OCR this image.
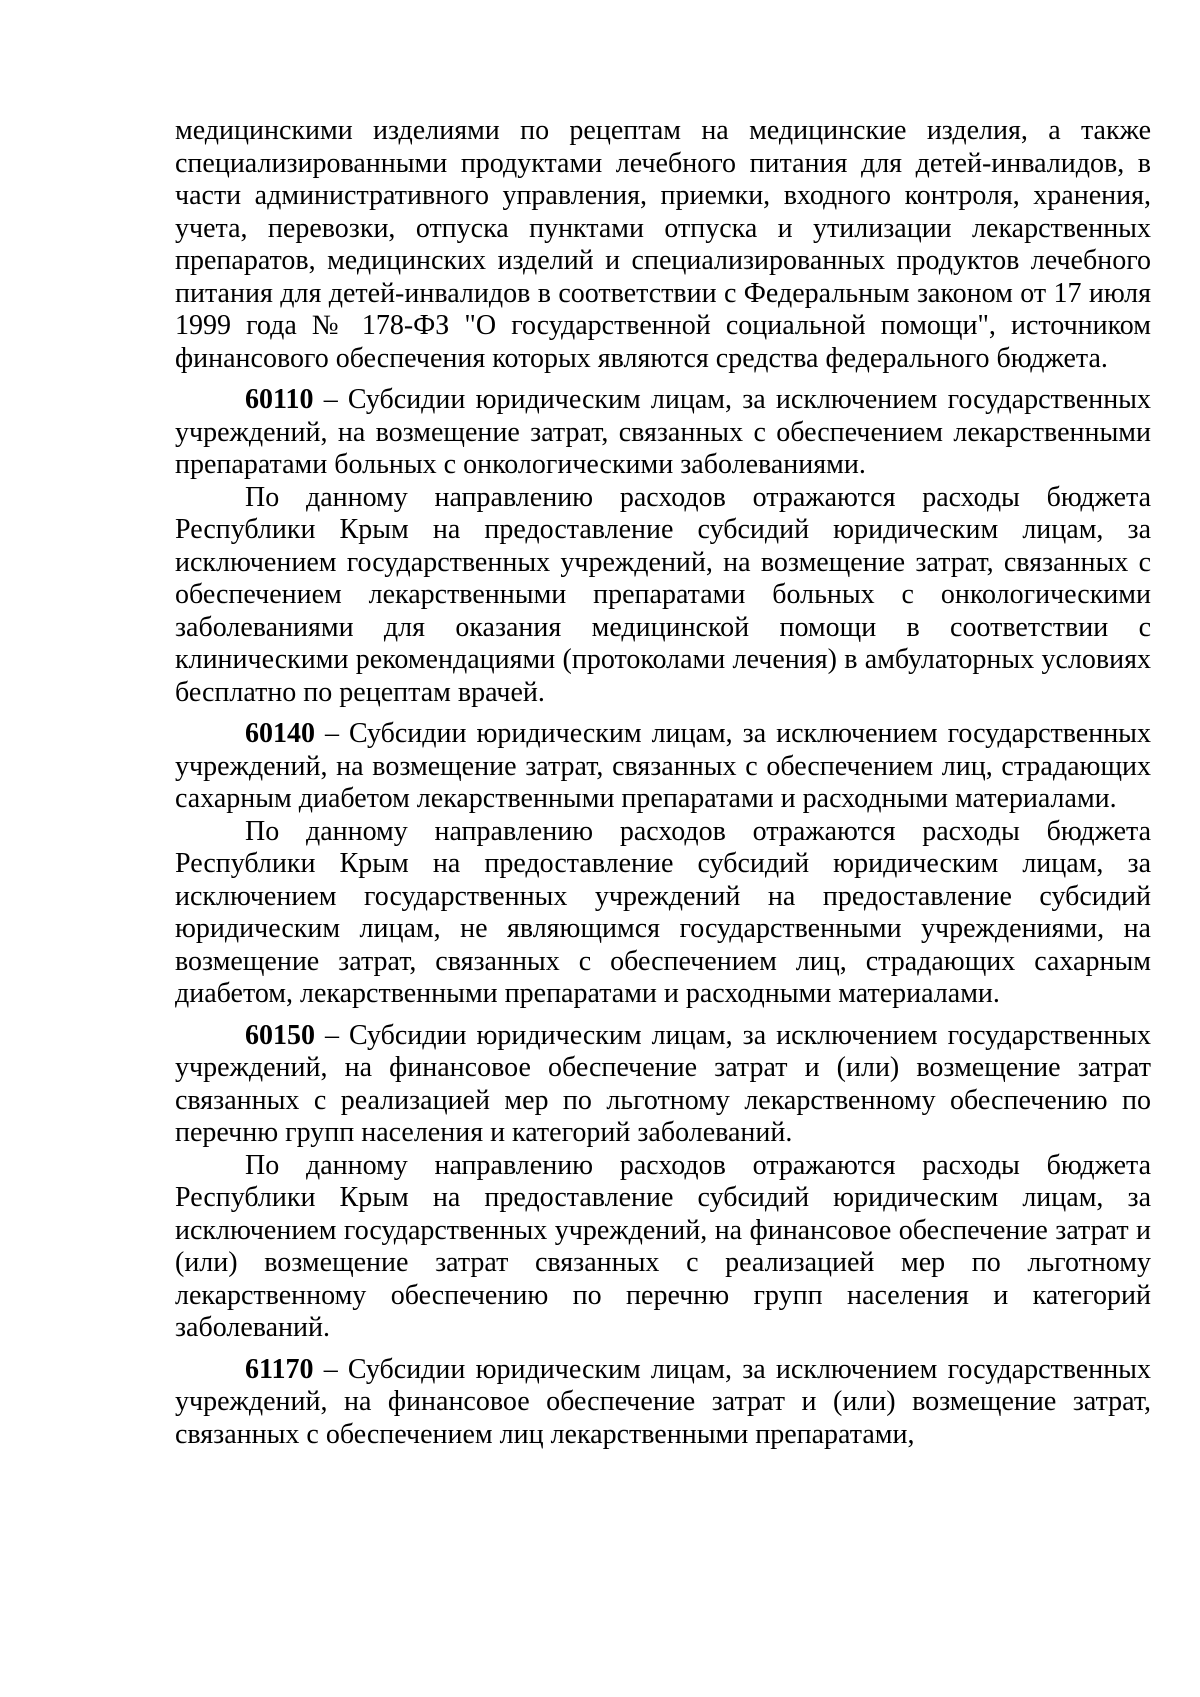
медицинскими изделиями по рецептам на медицинские изделия, а также специализированными продуктами лечебного питания для детей-инвалидов, в части административного управления, приемки, входного контроля, хранения, учета, перевозки, отпуска пунктами отпуска и утилизации лекарственных препаратов, медицинских изделий и специализированных продуктов лечебного питания для детей-инвалидов в соответствии с Федеральным законом от 17 июля 1999 года № 178-ФЗ "О государственной социальной помощи", источником финансового обеспечения которых являются средства федерального бюджета.

60110 – Субсидии юридическим лицам, за исключением государственных учреждений, на возмещение затрат, связанных с обеспечением лекарственными препаратами больных с онкологическими заболеваниями.

По данному направлению расходов отражаются расходы бюджета Республики Крым на предоставление субсидий юридическим лицам, за исключением государственных учреждений, на возмещение затрат, связанных с обеспечением лекарственными препаратами больных с онкологическими заболеваниями для оказания медицинской помощи в соответствии с клиническими рекомендациями (протоколами лечения) в амбулаторных условиях бесплатно по рецептам врачей.

60140 – Субсидии юридическим лицам, за исключением государственных учреждений, на возмещение затрат, связанных с обеспечением лиц, страдающих сахарным диабетом лекарственными препаратами и расходными материалами.

По данному направлению расходов отражаются расходы бюджета Республики Крым на предоставление субсидий юридическим лицам, за исключением государственных учреждений на предоставление субсидий юридическим лицам, не являющимся государственными учреждениями, на возмещение затрат, связанных с обеспечением лиц, страдающих сахарным диабетом, лекарственными препаратами и расходными материалами.

60150 – Субсидии юридическим лицам, за исключением государственных учреждений, на финансовое обеспечение затрат и (или) возмещение затрат связанных с реализацией мер по льготному лекарственному обеспечению по перечню групп населения и категорий заболеваний.

По данному направлению расходов отражаются расходы бюджета Республики Крым на предоставление субсидий юридическим лицам, за исключением государственных учреждений, на финансовое обеспечение затрат и (или) возмещение затрат связанных с реализацией мер по льготному лекарственному обеспечению по перечню групп населения и категорий заболеваний.

61170 – Субсидии юридическим лицам, за исключением государственных учреждений, на финансовое обеспечение затрат и (или) возмещение затрат, связанных с обеспечением лиц лекарственными препаратами,
